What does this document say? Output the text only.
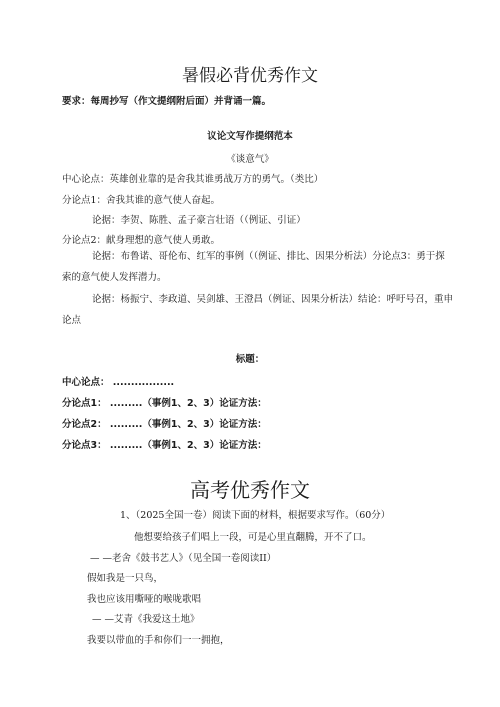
暑假必背优秀作文
要求：每周抄写（作文提纲附后面）并背诵一篇。
议论文写作提纲范本
《谈意气》
中心论点：英雄创业靠的是舍我其谁勇战万方的勇气。（类比）
分论点1：舍我其谁的意气使人奋起。
论据：李贺、陈胜、孟子豪言壮语（（例证、引证）
分论点2：献身理想的意气使人勇敢。
论据：布鲁诺、哥伦布、红军的事例（（例证、排比、因果分析法）分论点3：勇于探索的意气使人发挥潜力。
论据：杨振宁、李政道、吴剑雄、王澄昌（例证、因果分析法）结论：呼吁号召，重申论点
标题：
中心论点： .................
分论点1： .........（事例1、2、3）论证方法：
分论点2： .........（事例1、2、3）论证方法：
分论点3： .........（事例1、2、3）论证方法：
高考优秀作文
1、（2025全国一卷）阅读下面的材料，根据要求写作。（60分）
他想要给孩子们唱上一段，可是心里直翻腾，开不了口。
— —老舍《鼓书艺人》（见全国一卷阅读II）
假如我是一只鸟，
我也应该用嘶哑的喉咙歌唱
— —艾青《我爱这土地》
我要以带血的手和你们一一拥抱，
